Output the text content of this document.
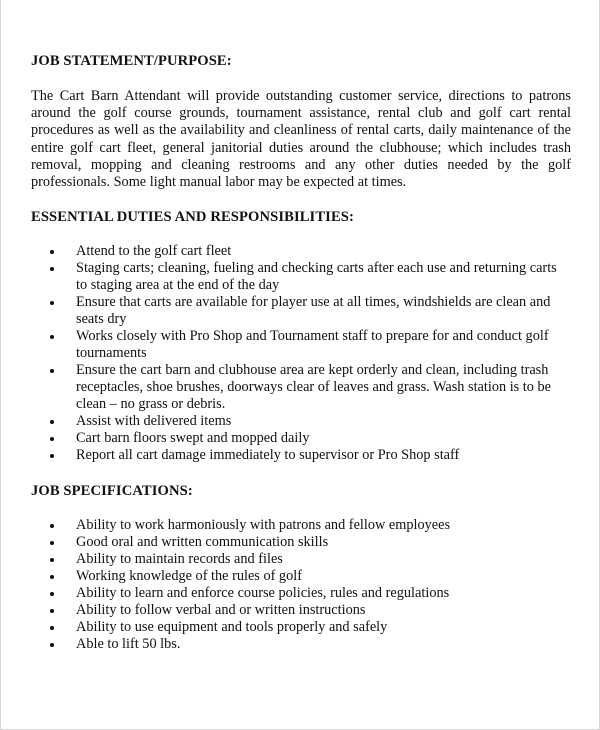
JOB STATEMENT/PURPOSE:

The Cart Barn Attendant will provide outstanding customer service, directions to patrons around the golf course grounds, tournament assistance, rental club and golf cart rental procedures as well as the availability and cleanliness of rental carts, daily maintenance of the entire golf cart fleet, general janitorial duties around the clubhouse; which includes trash removal, mopping and cleaning restrooms and any other duties needed by the golf professionals. Some light manual labor may be expected at times.

ESSENTIAL DUTIES AND RESPONSIBILITIES:
Attend to the golf cart fleet
Staging carts; cleaning, fueling and checking carts after each use and returning carts to staging area at the end of the day
Ensure that carts are available for player use at all times, windshields are clean and seats dry
Works closely with Pro Shop and Tournament staff to prepare for and conduct golf tournaments
Ensure the cart barn and clubhouse area are kept orderly and clean, including trash receptacles, shoe brushes, doorways clear of leaves and grass. Wash station is to be clean – no grass or debris.
Assist with delivered items
Cart barn floors swept and mopped daily
Report all cart damage immediately to supervisor or Pro Shop staff
JOB SPECIFICATIONS:
Ability to work harmoniously with patrons and fellow employees
Good oral and written communication skills
Ability to maintain records and files
Working knowledge of the rules of golf
Ability to learn and enforce course policies, rules and regulations
Ability to follow verbal and or written instructions
Ability to use equipment and tools properly and safely
Able to lift 50 lbs.
